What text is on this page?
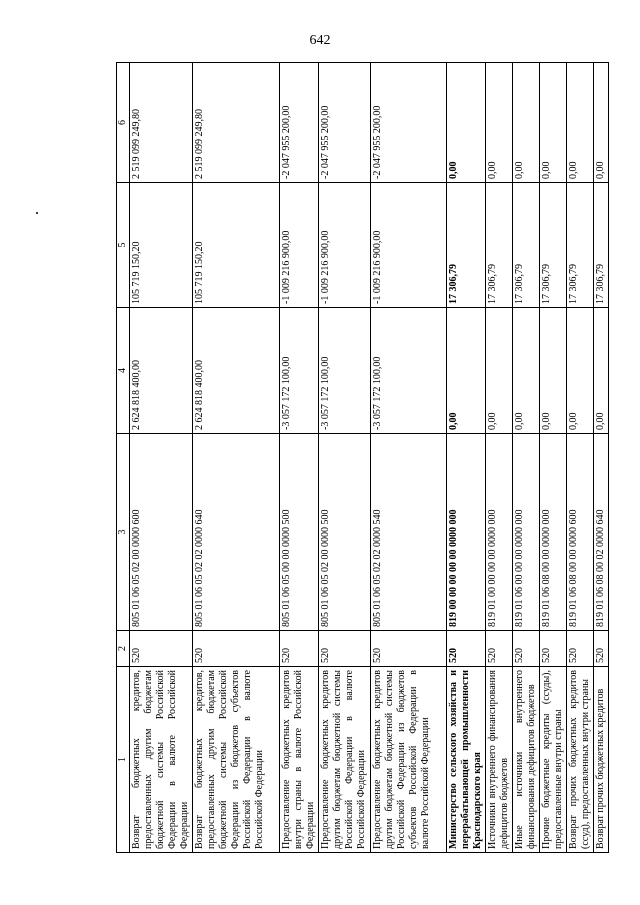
642
1	2	3	4	5	6
Возврат бюджетных кредитов, предоставленных другим бюджетам бюджетной системы Российской Федерации в валюте Российской Федерации	520	805 01 06 05 02 00 0000 600	2 624 818 400,00	105 719 150,20	2 519 099 249,80
Возврат бюджетных кредитов, предоставленных другим бюджетам бюджетной системы Российской Федерации из бюджетов субъектов Российской Федерации в валюте Российской Федерации	520	805 01 06 05 02 02 0000 640	2 624 818 400,00	105 719 150,20	2 519 099 249,80
Предоставление бюджетных кредитов внутри страны в валюте Российской Федерации	520	805 01 06 05 00 00 0000 500	-3 057 172 100,00	-1 009 216 900,00	-2 047 955 200,00
Предоставление бюджетных кредитов другим бюджетам бюджетной системы Российской Федерации в валюте Российской Федерации	520	805 01 06 05 02 00 0000 500	-3 057 172 100,00	-1 009 216 900,00	-2 047 955 200,00
Предоставление бюджетных кредитов другим бюджетам бюджетной системы Российской Федерации из бюджетов субъектов Российской Федерации в валюте Российской Федерации	520	805 01 06 05 02 02 0000 540	-3 057 172 100,00	-1 009 216 900,00	-2 047 955 200,00
Министерство сельского хозяйства и перерабатывающей промышленности Краснодарского края	520	819 00 00 00 00 00 0000 000	0,00	17 306,79	0,00
Источники внутреннего финансирования дефицитов бюджетов	520	819 01 00 00 00 00 0000 000	0,00	17 306,79	0,00
Иные источники внутреннего финансирования дефицитов бюджетов	520	819 01 06 00 00 00 0000 000	0,00	17 306,79	0,00
Прочие бюджетные кредиты (ссуды), предоставленные внутри страны	520	819 01 06 08 00 00 0000 000	0,00	17 306,79	0,00
Возврат прочих бюджетных кредитов (ссуд), предоставленных внутри страны	520	819 01 06 08 00 00 0000 600	0,00	17 306,79	0,00
Возврат прочих бюджетных кредитов	520	819 01 06 08 00 02 0000 640	0,00	17 306,79	0,00
